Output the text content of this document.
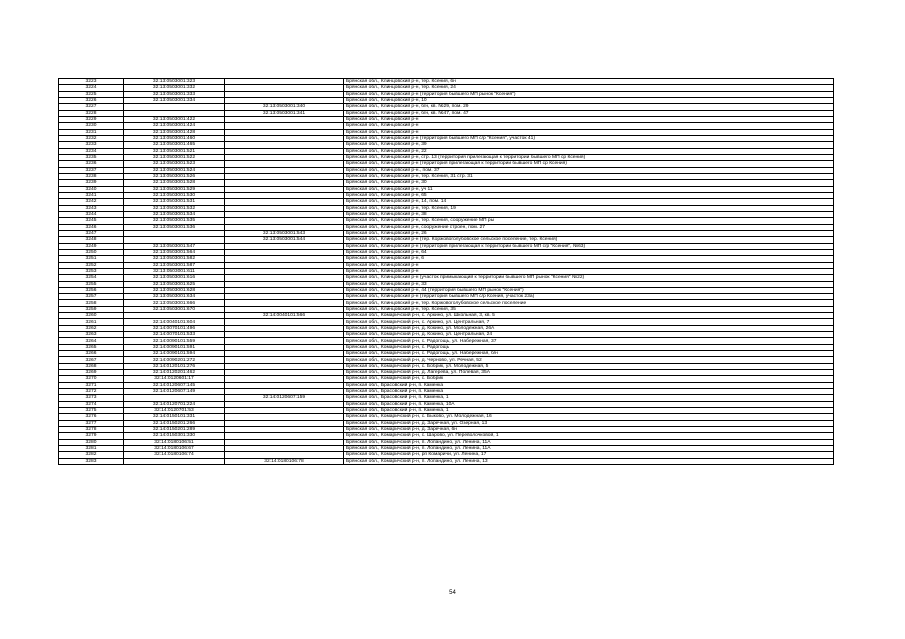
3223	32:13:0503001:323		Брянская обл., Клинцовский р-н, тер. Ксения, 6н
3224	32:13:0503001:332		Брянская обл., Клинцовский р-н, тер. Ксения, 24
3225	32:13:0503001:333		Брянская обл., Клинцовский р-н (территория бывшего МП рынок "Ксения")
3226	32:13:0503001:334		Брянская обл., Клинцовский р-н, 10
3227		32:13:0503001:340	Брянская обл., Клинцовский р-н, б/н, кв. №29, пом. 29
3228		32:13:0503001:341	Брянская обл., Клинцовский р-н, б/н, кв. №47, пом. 47
3229	32:13:0503001:422		Брянская обл., Клинцовский р-н
3230	32:13:0503001:424		Брянская обл., Клинцовский р-н
3231	32:13:0503001:428		Брянская обл., Клинцовский р-н
3232	32:13:0503001:460		Брянская обл., Клинцовский р-н (территория бывшего МП с/р "Ксения", участок 41)
3233	32:13:0503001:465		Брянская обл., Клинцовский р-н, 39
3234	32:13:0503001:521		Брянская обл., Клинцовский р-н, 22
3235	32:13:0503001:522		Брянская обл., Клинцовский р-н, стр. 13 (территория прилегающая к территории бывшего МП ср Ксения)
3236	32:13:0503001:523		Брянская обл., Клинцовский р-н (территория прилегающая к территории бывшего МП ср Ксения)
3237	32:13:0503001:524		Брянская обл., Клинцовский р-н., пом. 37
3238	32:13:0503001:526		Брянская обл., Клинцовский р-н, тер. Ксения, 31 стр. 31
3239	32:13:0503001:528		Брянская обл., Клинцовский р-н, 30
3240	32:13:0503001:529		Брянская обл., Клинцовский р-н, уч 11
3241	32:13:0503001:530		Брянская обл., Клинцовский р-н, 65
3242	32:13:0503001:531		Брянская обл., Клинцовский р-н, 14, пом. 14
3243	32:13:0503001:532		Брянская обл., Клинцовский р-н, тер. Ксения, 19
3244	32:13:0503001:534		Брянская обл., Клинцовский р-н, 38
3245	32:13:0503001:535		Брянская обл., Клинцовский р-н, тер. Ксения, сооружение МП ры
3246	32:13:0503001:536		Брянская обл., Клинцовский р-н, сооружение строен, пом. 27
3247		32:13:0503001:543	Брянская обл., Клинцовский р-н, 26
3248		32:13:0503001:544	Брянская обл., Клинцовский р-н (тер. Коржовоголубовское сельское поселение, тер. Ксения)
3249	32:13:0503001:547		Брянская обл., Клинцовский р-н (территория прилегающая к территории бывшего МП с/р "Ксения", №63)
3250	32:13:0503001:564		Брянская обл., Клинцовский р-н, 64
3251	32:13:0503001:582		Брянская обл., Клинцовский р-н, 6
3252	32:13:0503001:587		Брянская обл., Клинцовский р-н
3253	32:13:0503001:611		Брянская обл., Клинцовский р-н
3254	32:13:0503001:616		Брянская обл., Клинцовский р-н (участок примыкающий к территории бывшего МП рынок "Ксения" №22)
3255	32:13:0503001:625		Брянская обл., Клинцовский р-н, 33
3256	32:13:0503001:628		Брянская обл., Клинцовский р-н, 44 (территория бывшего МП рынок "Ксения")
3257	32:13:0503001:634		Брянская обл., Клинцовский р-н (территория бывшего МП с/р Ксения, участок 23а)
3258	32:13:0503001:666		Брянская обл., Клинцовский р-н, тер. Коржовоголубовское сельское поселение
3259	32:13:0503001:670		Брянская обл., Клинцовский р-н, тер. Ксения, 35
3260		32:14:0040101:566	Брянская обл., Комаричский р-н, с. Аркино, ул. Школьная, 3, кв. 5
3261	32:14:0040101:604		Брянская обл., Комаричский р-н, с. Аркино, ул. Центральная, 7
3262	32:14:0070101:496		Брянская обл., Комаричский р-н, д. Кокино, ул. Молодежная, 26А
3263	32:14:0070101:533		Брянская обл., Комаричский р-н, д. Кокино, ул. Центральная, 24
3264	32:14:0090101:559		Брянская обл., Комаричский р-н, с. Радогощь, ул. Набережная, 37
3265	32:14:0090101:591		Брянская обл., Комаричский р-н, с. Радогощь
3266	32:14:0090101:594		Брянская обл., Комаричский р-н, с. Радогощь, ул. Набережная, б/н
3267	32:14:0090201:272		Брянская обл., Комаричский р-н, д. Черново, ул. Речная, 52
3268	32:14:0120101:276		Брянская обл., Комаричский р-н, с. Бобрик, ул. Молодежная, 5
3269	32:14:0120201:462		Брянская обл., Комаричский р-н, д. Лагерева, ул. Полевая, 35А
3270	32:14:0120601:17		Брянская обл., Комаричский р-н, с. Бобрик
3271	32:14:0120607:145		Брянская обл., Брасовский р-н, п. Каменка
3272	32:14:0120607:149		Брянская обл., Брасовский р-н, п. Каменка
3273		32:14:0120607:159	Брянская обл., Брасовский р-н, п. Каменка, 1
3274	32:14:0120701:224		Брянская обл., Брасовский р-н, п. Каменка, 10А
3275	32:14:0120701:53		Брянская обл., Брасовский р-н, п. Каменка, 1
3276	32:14:0150101:331		Брянская обл., Комаричский р-н, с. Быково, ул. Молодежная, 16
3277	32:14:0150201:266		Брянская обл., Комаричский р-н, д. Заречная, ул. Озерная, 13
3278	32:14:0150201:289		Брянская обл., Комаричский р-н, д. Заречная, 6н
3279	32:14:0150301:330		Брянская обл., Комаричский р-н, с. Шарово, ул. Переволочковой, 1
3280	32:14:0180106:51		Брянская обл., Комаричский р-н, п. Лопандино, ул. Ленина, 11А
3281	32:14:0180106:67		Брянская обл., Комаричский р-н, п. Лопандино, ул. Ленина, 11А
3282	32:14:0180106:74		Брянская обл., Комаричский р-н, рп Комаричи, ул. Ленина, 17
3283		32:14:0180106:78	Брянская обл., Комаричский р-н, п. Лопандино, ул. Ленина, 13
54
